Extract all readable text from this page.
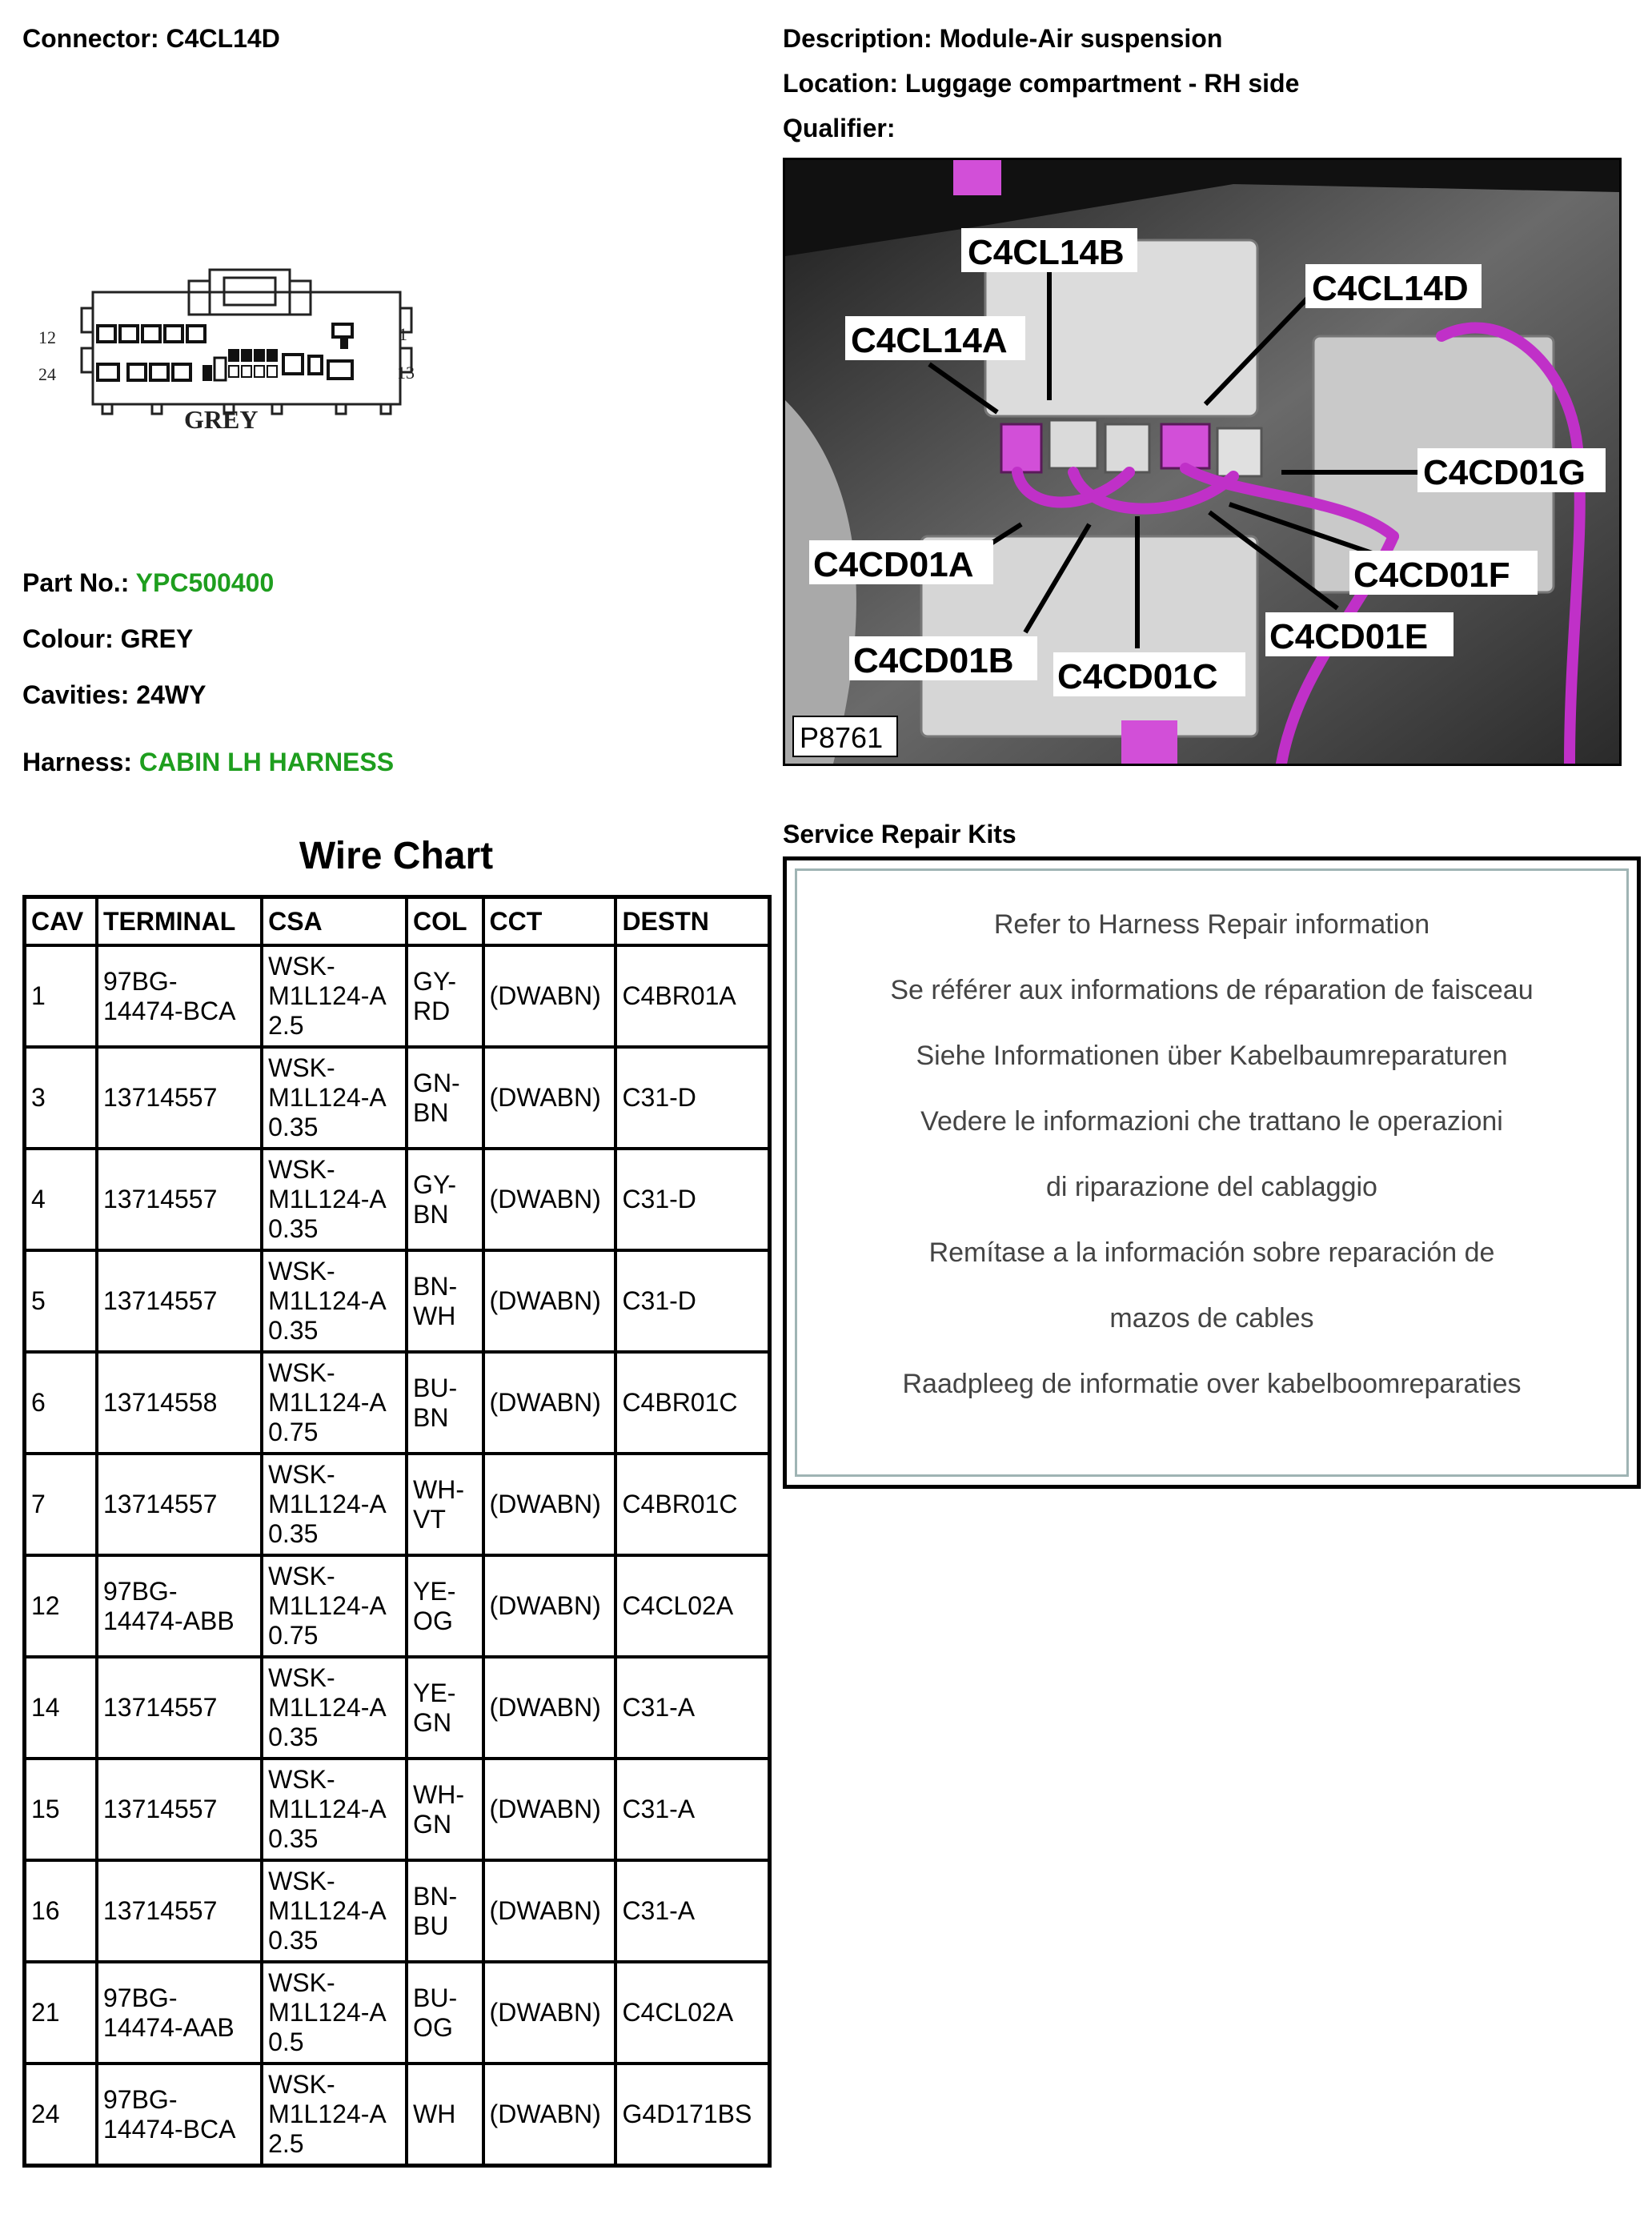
Connector: C4CL14D	Description: Module-Air suspension
Location: Luggage compartment - RH side
Qualifier:
12
24
1
13
GREY
Part No.: YPC500400
Colour: GREY
Cavities: 24WY
Harness: CABIN LH HARNESS
C4CL14B
C4CL14D
C4CL14A
C4CD01G
C4CD01A	C4CD01F
C4CD01E
C4CD01B C4CD01C
P8761
Service Repair Kits
Refer to Harness Repair information
Se référer aux informations de réparation de faisceau
Siehe Informationen über Kabelbaumreparaturen
Vedere le informazioni che trattano le operazioni
di riparazione del cablaggio
Remítase a la información sobre reparación de
mazos de cables
Raadpleeg de informatie over kabelboomreparaties
Wire Chart
CAV	TERMINAL	CSA	COL	CCT	DESTN
1	97BG-
14474-BCA	WSK-
M1L124-A
2.5	GY-
RD	(DWABN)	C4BR01A
3	13714557	WSK-
M1L124-A
0.35	GN-
BN	(DWABN)	C31-D
4	13714557	WSK-
M1L124-A
0.35	GY-
BN	(DWABN)	C31-D
5	13714557	WSK-
M1L124-A
0.35	BN-
WH	(DWABN)	C31-D
6	13714558	WSK-
M1L124-A
0.75	BU-
BN	(DWABN)	C4BR01C
7	13714557	WSK-
M1L124-A
0.35	WH-
VT	(DWABN)	C4BR01C
12	97BG-
14474-ABB	WSK-
M1L124-A
0.75	YE-
OG	(DWABN)	C4CL02A
14	13714557	WSK-
M1L124-A
0.35	YE-
GN	(DWABN)	C31-A
15	13714557	WSK-
M1L124-A
0.35	WH-
GN	(DWABN)	C31-A
16	13714557	WSK-
M1L124-A
0.35	BN-
BU	(DWABN)	C31-A
21	97BG-
14474-AAB	WSK-
M1L124-A
0.5	BU-
OG	(DWABN)	C4CL02A
24	97BG-
14474-BCA	WSK-
M1L124-A
2.5	WH	(DWABN)	G4D171BS
